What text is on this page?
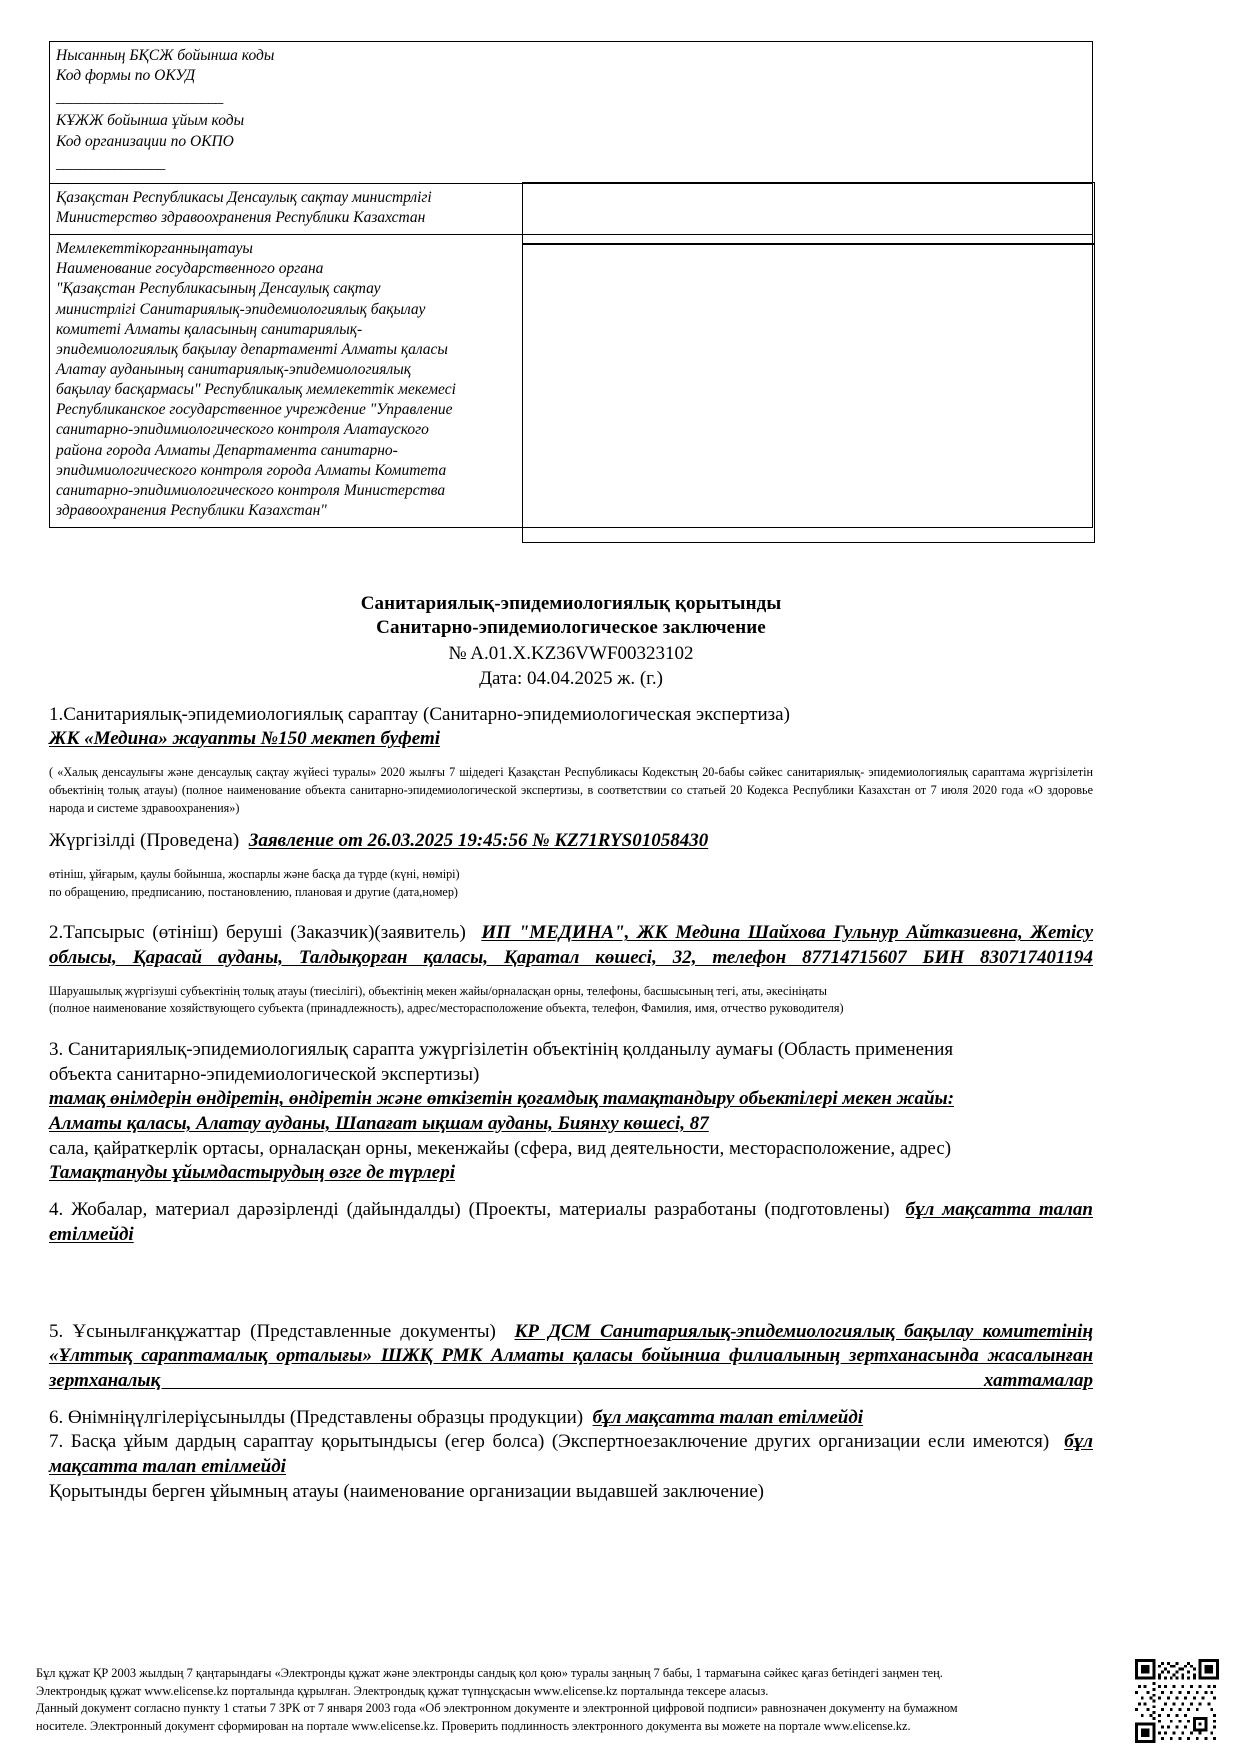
Нысанның БҚСЖ бойынша коды
Код формы по ОКУД
_______________________
КҰЖЖ бойынша ұйым коды
Код организации по ОКПО
_______________

Қазақстан Республикасы Денсаулық сақтау министрлігі
Министерство здравоохранения Республики Казахстан

Мемлекеттікорганныңатауы
Наименование государственного органа
"Қазақстан Республикасының Денсаулық сақтау
министрлігі Санитариялық-эпидемиологиялық бақылау
комитеті Алматы қаласының санитариялық-
эпидемиологиялық бақылау департаменті Алматы қаласы
Алатау ауданының санитариялық-эпидемиологиялық
бақылау басқармасы" Республикалық мемлекеттік мекемесі
Республиканское государственное учреждение "Управление
санитарно-эпидимиологического контроля Алатауского
района города Алматы Департамента санитарно-
эпидимиологического контроля города Алматы Комитета
санитарно-эпидимиологического контроля Министерства
здравоохранения Республики Казахстан"
Санитариялық-эпидемиологиялық қорытынды
Санитарно-эпидемиологическое заключение
№ A.01.X.KZ36VWF00323102
Дата: 04.04.2025 ж. (г.)
1.Санитариялық-эпидемиологиялық сараптау (Санитарно-эпидемиологическая экспертиза)
ЖК «Медина» жауапты №150 мектеп буфеті
( «Халық денсаулығы және денсаулық сақтау жүйесі туралы» 2020 жылғы 7 шідедегі Қазақстан Республикасы Кодекстың 20-бабы сәйкес санитариялық- эпидемиологиялық сараптама жүргізілетін объектінің толық атауы) (полное наименование объекта санитарно-эпидемиологической экспертизы, в соответствии со статьей 20 Кодекса Республики Казахстан от 7 июля 2020 года «О здоровье народа и системе здравоохранения»)
Жүргізілді (Проведена) Заявление от 26.03.2025 19:45:56 № KZ71RYS01058430
өтініш, ұйғарым, қаулы бойынша, жоспарлы және басқа да түрде (күні, нөмірі)
по обращению, предписанию, постановлению, плановая и другие (дата,номер)
2.Тапсырыс (өтініш) беруші (Заказчик)(заявитель) ИП "МЕДИНА", ЖК Медина Шайхова Гульнур Айтказиевна, Жетісу облысы, Қарасай ауданы, Талдықорған қаласы, Қаратал көшесі, 32, телефон 87714715607 БИН 830717401194
Шаруашылық жүргізуші субъектінің толық атауы (тиесілігі), объектінің мекен жайы/орналасқан орны, телефоны, басшысының тегі, аты, әкесініңаты
(полное наименование хозяйствующего субъекта (принадлежность), адрес/месторасположение объекта, телефон, Фамилия, имя, отчество руководителя)
3. Санитариялық-эпидемиологиялық сарапта ужүргізілетін объектінің қолданылу аумағы (Область применения
объекта санитарно-эпидемиологической экспертизы)
тамақ өнімдерін өндіретін, өндіретін және өткізетін қоғамдық тамақтандыру обьектілері мекен жайы:
Алматы қаласы, Алатау ауданы, Шапағат ықшам ауданы, Биянху көшесі, 87
сала, қайраткерлік ортасы, орналасқан орны, мекенжайы (сфера, вид деятельности, месторасположение, адрес)
Тамақтануды ұйымдастырудың өзге де түрлері
4. Жобалар, материал дарәзірленді (дайындалды) (Проекты, материалы разработаны (подготовлены) бұл мақсатта талап етілмейді
5. Ұсынылғанқұжаттар (Представленные документы) КР ДСМ Санитариялық-эпидемиологиялық бақылау комитетінің «Ұлттық сараптамалық орталығы» ШЖҚ РМК Алматы қаласы бойынша филиалының зертханасында жасалынған зертханалық хаттамалар
6. Өнімніңүлгілеріұсынылды (Представлены образцы продукции) бұл мақсатта талап етілмейді
7. Басқа ұйым дардың сараптау қорытындысы (егер болса) (Экспертноезаключение других организации если имеются) бұл мақсатта талап етілмейді
Қорытынды берген ұйымның атауы (наименование организации выдавшей заключение)
Бұл құжат ҚР 2003 жылдың 7 қаңтарындағы «Электронды құжат және электронды сандық қол қою» туралы заңның 7 бабы, 1 тармағына сәйкес қағаз бетіндегі заңмен тең.
Электрондық құжат www.elicense.kz порталында құрылған. Электрондық құжат түпнұсқасын www.elicense.kz порталында тексере аласыз.
Данный документ согласно пункту 1 статьи 7 ЗРК от 7 января 2003 года «Об электронном документе и электронной цифровой подписи» равнозначен документу на бумажном
носителе. Электронный документ сформирован на портале www.elicense.kz. Проверить подлинность электронного документа вы можете на портале www.elicense.kz.
